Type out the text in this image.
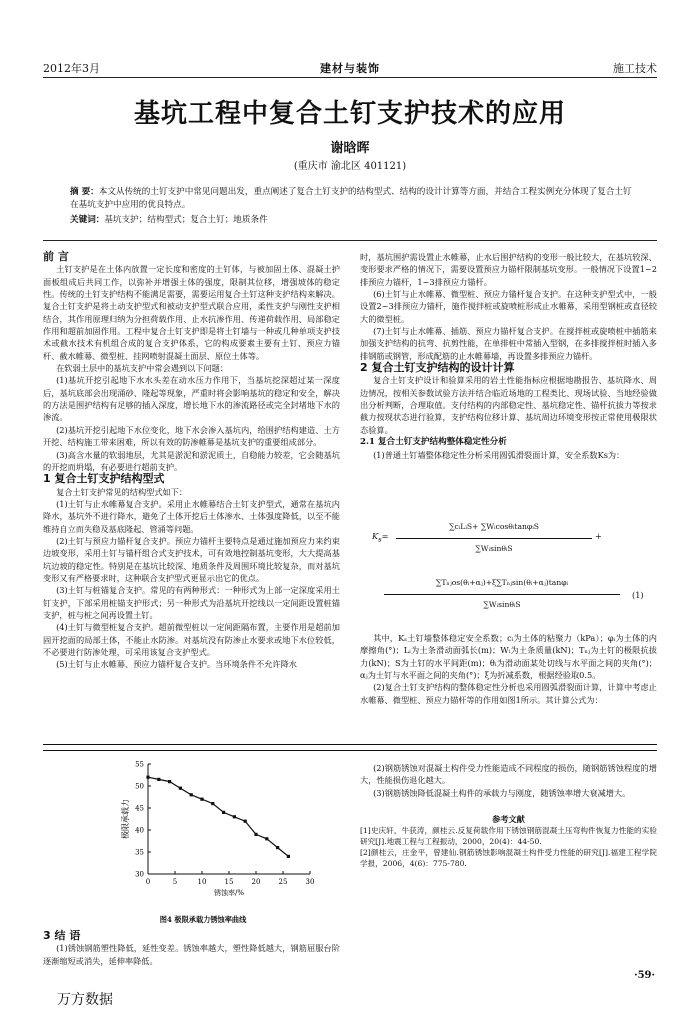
2012年3月	建材与装饰	施工技术
基坑工程中复合土钉支护技术的应用
谢晗晖
(重庆市 渝北区 401121)
摘 要：本文从传统的土钉支护中常见问题出发，重点阐述了复合土钉支护的结构型式、结构的设计计算等方面，并结合工程实例充分体现了复合土钉在基坑支护中应用的优良特点。
关键词：基坑支护；结构型式；复合土钉；地质条件

前 言

土钉支护是在土体内放置一定长度和密度的土钉体，与被加固土体、混凝土护面板组成后共同工作，以弥补并增强土体的强度，限制其位移，增强坡体的稳定性。传统的土钉支护结构不能满足需要，需要运用复合土钉这种支护结构来解决。复合土钉支护是将土动支护型式和被动支护型式联合应用，柔性支护与刚性支护相结合，其作用原理归纳为分担荷载作用、止水抗渗作用、传递荷载作用、局部稳定作用和超前加固作用。工程中复合土钉支护即是将土钉墙与一种或几种单项支护技术或截水技术有机组合成的复合支护体系，它的构成要素主要有土钉、预应力锚杆、截水帷幕、微型桩、挂网喷射混凝土面层、原位土体等。

在软弱土层中的基坑支护中常会遇到以下问题：

(1)基坑开挖引起地下水水头差在动水压力作用下，当基坑挖深超过某一深度后，基坑底部会出现涌砂、隆起等现象，严重时将会影响基坑的稳定和安全，解决的方法是围护结构有足够的插入深度，增长地下水的渗流路径或完全封堵地下水的渗流。

(2)基坑开挖引起地下水位变化，地下水会渗入基坑内，给围护结构建造、土方开挖、结构施工带来困难，所以有效的防渗帷幕是基坑支护的重要组成部分。

(3)高含水量的软弱地层，尤其是淤泥和淤泥质土，自稳能力较差，它会随基坑的开挖而坍塌，有必要进行超前支护。

1 复合土钉支护结构型式

复合土钉支护常见的结构型式如下：

(1)土钉与止水帷幕复合支护。采用止水帷幕结合土钉支护型式，通常在基坑内降水，基坑外不进行降水，避免了土体开挖后土体渗水、土体强度降低，以至不能维持自立而失稳及基底隆起、管涌等问题。

(2)土钉与预应力锚杆复合支护。预应力锚杆主要特点是通过施加预应力来约束边坡变形，采用土钉与锚杆组合式支护技术，可有效地控制基坑变形，大大提高基坑边坡的稳定性。特别是在基坑比较深、地质条件及周围环境比较复杂，而对基坑变形又有严格要求时，这种联合支护型式更显示出它的优点。

(3)土钉与桩锚复合支护。常见的有两种形式：一种形式为上部一定深度采用土钉支护，下部采用桩锚支护形式；另一种形式为沿基坑开挖线以一定间距设置桩锚支护，桩与桩之间再设置土钉。

(4)土钉与微型桩复合支护。超前微型桩以一定间距隔布置，主要作用是超前加固开挖面的局部土体，不能止水防渗。对基坑没有防渗止水要求或地下水位较低，不必要进行防渗处理，可采用该复合支护型式。

(5)土钉与止水帷幕、预应力锚杆复合支护。当环境条件不允许降水

时，基坑围护需设置止水帷幕，止水后围护结构的变形一般比较大，在基坑较深、变形要求严格的情况下，需要设置预应力锚杆限制基坑变形。一般情况下设置1~2排预应力锚杆，1~3排预应力锚杆。

(6)土钉与止水帷幕、微型桩、预应力锚杆复合支护。在这种支护型式中，一般设置2~3排预应力锚杆，施作搅拌桩或旋喷桩形成止水帷幕，采用型钢桩或直径较大的微型桩。

(7)土钉与止水帷幕、插筋、预应力锚杆复合支护。在搅拌桩或旋喷桩中插筋来加强支护结构的抗弯、抗剪性能，在单排桩中常插入型钢，在多排搅拌桩时插入多排钢筋或钢管，形成配筋的止水帷幕墙，再设置多排预应力锚杆。

2 复合土钉支护结构的设计计算

复合土钉支护设计和验算采用的岩土性能指标应根据地勘报告、基坑降水、周边情况，按相关参数试验方法并结合临近场地的工程类比、现场试验、当地经验做出分析判断，合理取值。支付结构的内部稳定性、基坑稳定性、锚杆抗拔力等按求截力按现状态进行验算，支护结构位移计算、基坑周边环境变形按正常使用极限状态验算。

2.1 复合土钉支护结构整体稳定性分析

(1)普通土钉墙整体稳定性分析采用圆弧滑裂面计算，安全系数Ks为：

$K_s=$
∑cᵢLᵢS+ ∑WᵢcosθᵢtanφᵢS
∑WᵢsinθᵢS
+
∑Tₙⱼos(θᵢ+αⱼ)+ξ∑Tₙⱼsin(θᵢ+αⱼ)tanφᵢ
∑WᵢsinθᵢS
(1)

其中，Kₛ土钉墙整体稳定安全系数；cᵢ为土体的粘聚力（kPa）；φᵢ为土体的内摩擦角(°)；Lᵢ为土条滑动面弧长(m)；Wᵢ为土条质量(kN)；Tₙⱼ为土钉的极限抗拔力(kN)；S为土钉的水平间距(m)；θᵢ为滑动面某处切线与水平面之间的夹角(°)；αⱼ为土钉与水平面之间的夹角(°)；ξ为折减系数，根据经验取0.5。

(2)复合土钉支护结构的整体稳定性分析也采用圆弧滑裂面计算，计算中考虑止水帷幕、微型桩、预应力锚杆等的作用如图1所示。其计算公式为：

0	5	10	15	20	25	30
30
35
40
45
50
55
锈蚀率/%
极限承载力
图4 极限承载力锈蚀率曲线

3 结 语

(1)锈蚀钢筋塑性降低，延性变差。锈蚀率越大，塑性降低越大，钢筋屈服台阶逐渐缩短或消失，延伸率降低。

(2)钢筋锈蚀对混凝土构件受力性能造成不同程度的损伤，随钢筋锈蚀程度的增大，性能损伤退化越大。

(3)钢筋锈蚀降低混凝土构件的承载力与刚度，随锈蚀率增大衰减增大。

参考文献

[1]史庆轩，牛获涛，颜桂云.反复荷载作用下锈蚀钢筋混凝土压弯构件恢复力性能的实验研究[J].地震工程与工程振动，2000，20(4)：44-50.

[2]颜桂云，庄金平，曾建仙.钢筋锈蚀影响混凝土构件受力性能的研究[J].福建工程学院学报，2006，4(6)：775-780.

·59·
万方数据
